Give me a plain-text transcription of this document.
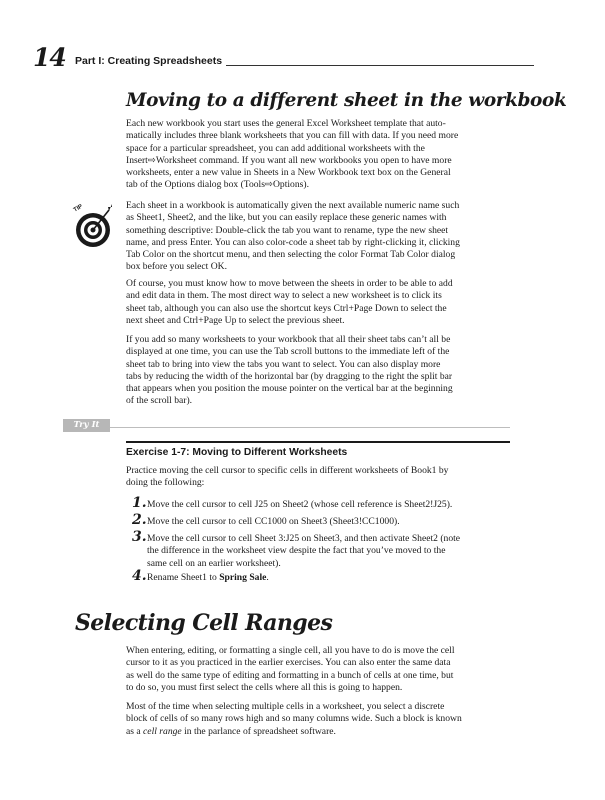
14 Part I: Creating Spreadsheets
Moving to a different sheet in the workbook
Each new workbook you start uses the general Excel Worksheet template that auto-
matically includes three blank worksheets that you can fill with data. If you need more
space for a particular spreadsheet, you can add additional worksheets with the
Insert⇨Worksheet command. If you want all new workbooks you open to have more
worksheets, enter a new value in Sheets in a New Workbook text box on the General
tab of the Options dialog box (Tools⇨Options).
TIP	Each sheet in a workbook is automatically given the next available numeric name such
as Sheet1, Sheet2, and the like, but you can easily replace these generic names with
something descriptive: Double-click the tab you want to rename, type the new sheet
name, and press Enter. You can also color-code a sheet tab by right-clicking it, clicking
Tab Color on the shortcut menu, and then selecting the color Format Tab Color dialog
box before you select OK.
Of course, you must know how to move between the sheets in order to be able to add
and edit data in them. The most direct way to select a new worksheet is to click its
sheet tab, although you can also use the shortcut keys Ctrl+Page Down to select the
next sheet and Ctrl+Page Up to select the previous sheet.
If you add so many worksheets to your workbook that all their sheet tabs can’t all be
displayed at one time, you can use the Tab scroll buttons to the immediate left of the
sheet tab to bring into view the tabs you want to select. You can also display more
tabs by reducing the width of the horizontal bar (by dragging to the right the split bar
that appears when you position the mouse pointer on the vertical bar at the beginning
of the scroll bar).
Try It
Exercise 1-7: Moving to Different Worksheets
Practice moving the cell cursor to specific cells in different worksheets of Book1 by
doing the following:
1. Move the cell cursor to cell J25 on Sheet2 (whose cell reference is Sheet2!J25).
2. Move the cell cursor to cell CC1000 on Sheet3 (Sheet3!CC1000).
3. Move the cell cursor to cell Sheet 3:J25 on Sheet3, and then activate Sheet2 (note
the difference in the worksheet view despite the fact that you’ve moved to the
same cell on an earlier worksheet).
4. Rename Sheet1 to Spring Sale.
Selecting Cell Ranges
When entering, editing, or formatting a single cell, all you have to do is move the cell
cursor to it as you practiced in the earlier exercises. You can also enter the same data
as well do the same type of editing and formatting in a bunch of cells at one time, but
to do so, you must first select the cells where all this is going to happen.
Most of the time when selecting multiple cells in a worksheet, you select a discrete
block of cells of so many rows high and so many columns wide. Such a block is known
as a cell range in the parlance of spreadsheet software.
